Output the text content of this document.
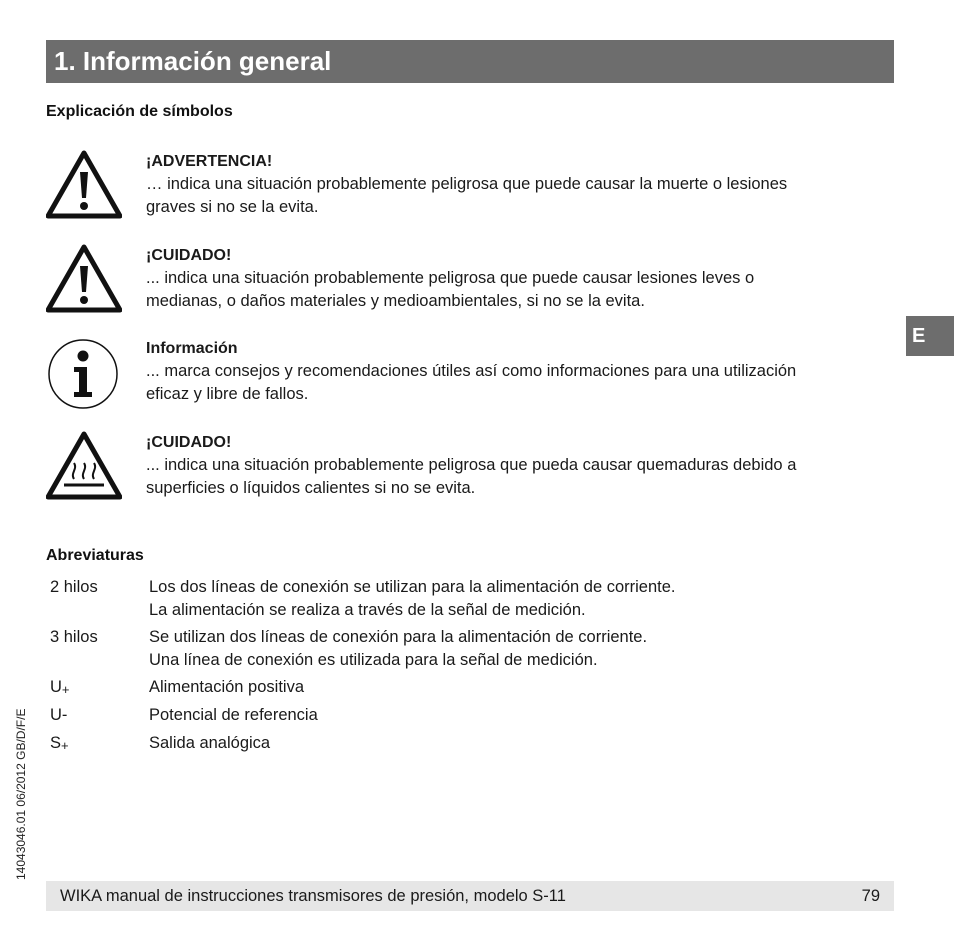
1. Información general
Explicación de símbolos
¡ADVERTENCIA!
… indica una situación probablemente peligrosa que puede causar la muerte o lesiones
graves si no se la evita.
¡CUIDADO!
... indica una situación probablemente peligrosa que puede causar lesiones leves o
medianas, o daños materiales y medioambientales, si no se la evita.
Información
... marca consejos y recomendaciones útiles así como informaciones para una utilización
eficaz y libre de fallos.
¡CUIDADO!
... indica una situación probablemente peligrosa que pueda causar quemaduras debido a
superficies o líquidos calientes si no se evita.
Abreviaturas
2 hilos	Los dos líneas de conexión se utilizan para la alimentación de corriente.
La alimentación se realiza a través de la señal de medición.
3 hilos	Se utilizan dos líneas de conexión para la alimentación de corriente.
Una línea de conexión es utilizada para la señal de medición.
$U_+$	Alimentación positiva
U-	Potencial de referencia
$S_+$	Salida analógica
E
14043046.01 06/2012 GB/D/F/E
WIKA manual de instrucciones transmisores de presión, modelo S-11	79
